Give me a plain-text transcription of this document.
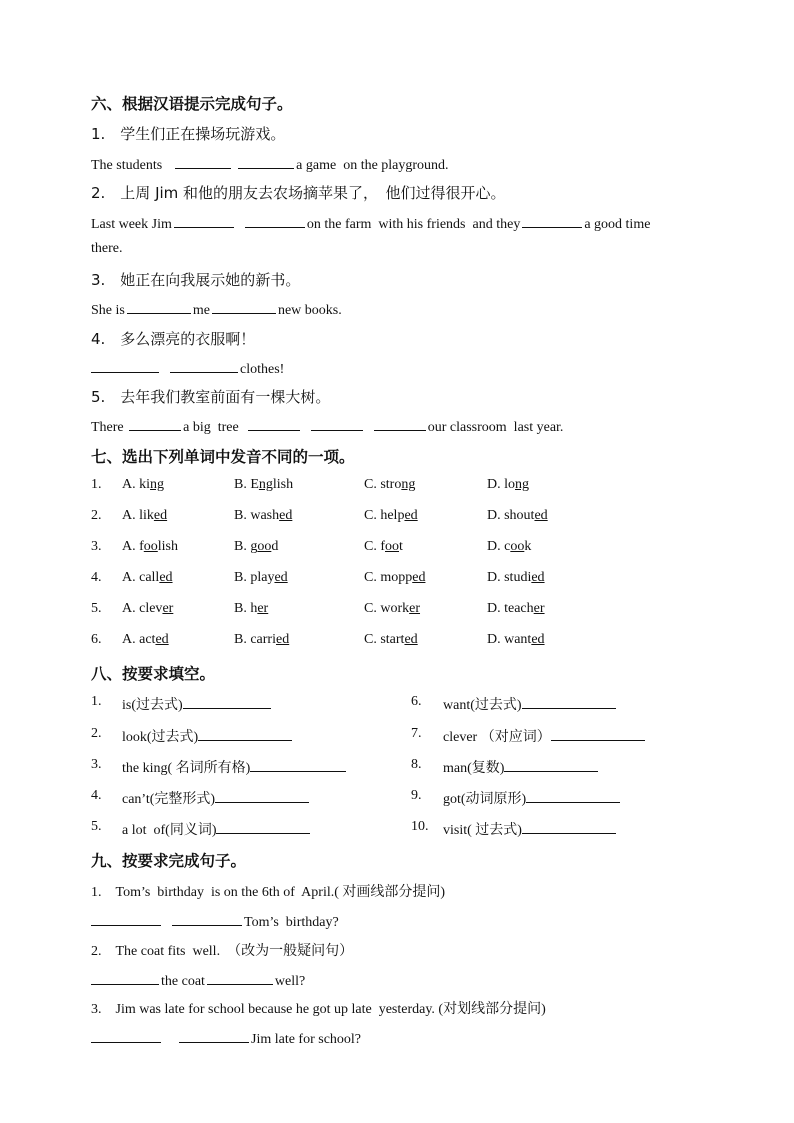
六、根据汉语提示完成句子。
1.　学生们正在操场玩游戏。
The students	a game  on the playground.
2.　上周 Jim 和他的朋友去农场摘苹果了，　他们过得很开心。
Last week Jim	on the farm  with his friends  and they	a good time
there.
3.　她正在向我展示她的新书。
She is	me	new books.
4.　多么漂亮的衣服啊！
clothes!
5.　去年我们教室前面有一棵大树。
There	a big  tree	our classroom  last year.
七、选出下列单词中发音不同的一项。
1. A. king	B. English	C. strong	D. long
2. A. liked	B. washed	C. helped	D. shouted
3. A. foolish	B. good	C. foot	D. cook
4. A. called	B. played	C. mopped	D. studied
5. A. clever	B. her	C. worker	D. teacher
6. A. acted	B. carried	C. started	D. wanted
八、按要求填空。
1. is(过去式)
2. look(过去式)
3. the king( 名词所有格)
4. can’t(完整形式)
5. a lot  of(同义词)
6. want(过去式)
7. clever （对应词）
8. man(复数)
9. got(动词原形)
10. visit( 过去式)
九、按要求完成句子。
1.　Tom’s  birthday  is on the 6th of  April.( 对画线部分提问)
Tom’s  birthday?
2.　The coat fits  well.　（改为一般疑问句）
the coat	well?
3.　Jim was late for school because he got up late  yesterday. (对划线部分提问)
Jim late for school?
